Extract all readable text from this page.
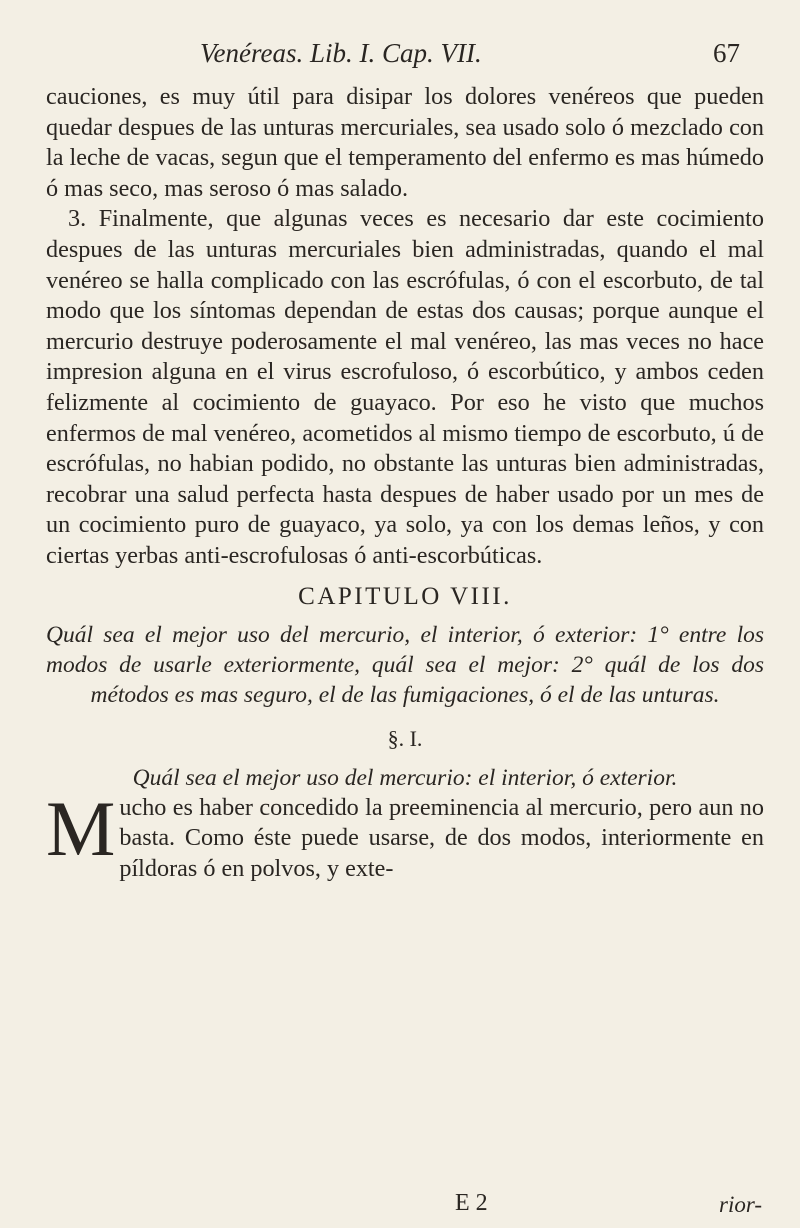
Venéreas. Lib. I. Cap. VII.	67

cauciones, es muy útil para disipar los dolores venéreos que pueden quedar despues de las unturas mercuriales, sea usado solo ó mezclado con la leche de vacas, segun que el temperamento del enfermo es mas húmedo ó mas seco, mas seroso ó mas salado.

3. Finalmente, que algunas veces es necesario dar este cocimiento despues de las unturas mercuriales bien administradas, quando el mal venéreo se halla complicado con las escrófulas, ó con el escorbuto, de tal modo que los síntomas dependan de estas dos causas; porque aunque el mercurio destruye poderosamente el mal venéreo, las mas veces no hace impresion alguna en el virus escrofuloso, ó escorbútico, y ambos ceden felizmente al cocimiento de guayaco. Por eso he visto que muchos enfermos de mal venéreo, acometidos al mismo tiempo de escorbuto, ú de escrófulas, no habian podido, no obstante las unturas bien administradas, recobrar una salud perfecta hasta despues de haber usado por un mes de un cocimiento puro de guayaco, ya solo, ya con los demas leños, y con ciertas yerbas anti-escrofulosas ó anti-escorbúticas.

CAPITULO VIII.
Quál sea el mejor uso del mercurio, el interior, ó exterior: 1° entre los modos de usarle exteriormente, quál sea el mejor: 2° quál de los dos métodos es mas seguro, el de las fumigaciones, ó el de las unturas.
§. I.
Quál sea el mejor uso del mercurio: el interior, ó exterior.

Mucho es haber concedido la preeminencia al mercurio, pero aun no basta. Como éste puede usarse, de dos modos, interiormente en píldoras ó en polvos, y exte-

E 2	rior-
